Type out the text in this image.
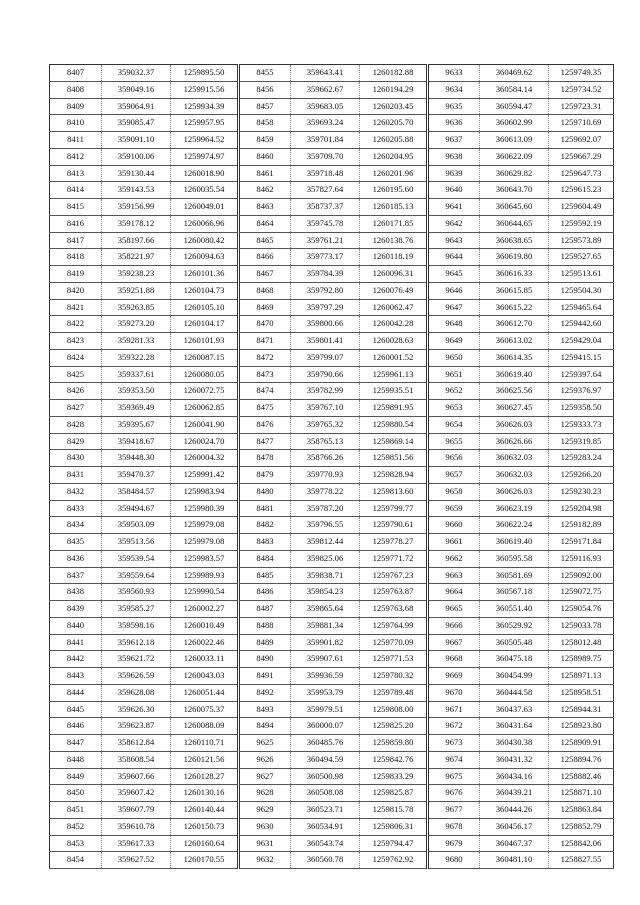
8407	359032.37	1259895.50	8455	359643.41	1260182.88	9633	360469.62	1259749.35
8408	359049.16	1259915.56	8456	359662.67	1260194.29	9634	360584.14	1259734.52
8409	359064.91	1259934.39	8457	359683.05	1260203.45	9635	360594.47	1259723.31
8410	359085.47	1259957.95	8458	359693.24	1260205.70	9636	360602.99	1259710.69
8411	359091.10	1259964.52	8459	359701.84	1260205.88	9637	360613.09	1259692.07
8412	359100.06	1259974.97	8460	359709.70	1260204.95	9638	360622.09	1259667.29
8413	359130.44	1260018.90	8461	359718.48	1260201.96	9639	360629.82	1259647.73
8414	359143.53	1260035.54	8462	357827.64	1260195.60	9640	360643.70	1259615.23
8415	359156.99	1260049.01	8463	358737.37	1260185.13	9641	360645.60	1259604.49
8416	359178.12	1260066.96	8464	359745.78	1260171.85	9642	360644.65	1259592.19
8417	358197.66	1260080.42	8465	359761.21	1260138.76	9643	360638.65	1259573.89
8418	358221.97	1260094.63	8466	359773.17	1260118.19	9644	360619.80	1259527.65
8419	359238.23	1260101.36	8467	359784.39	1260096.31	9645	360616.33	1259513.61
8420	359251.88	1260104.73	8468	359792.80	1260076.49	9646	360615.85	1259504.30
8421	359263.85	1260105.10	8469	359797.29	1260062.47	9647	360615.22	1259465.64
8422	359273.20	1260104.17	8470	359800.66	1260042.28	9648	360612.70	1259442.60
8423	359281.33	1260101.93	8471	359801.41	1260028.63	9649	360613.02	1259429.04
8424	359322.28	1260087.15	8472	359799.07	1260001.52	9650	360614.35	1259415.15
8425	359337.61	1260080.05	8473	359790.66	1259961.13	9651	360619.40	1259397.64
8426	359353.50	1260072.75	8474	359782.99	1259935.51	9652	360625.56	1259376.97
8427	359369.49	1260062.85	8475	359767.10	1259891.95	9653	360627.45	1259358.50
8428	359395.67	1260041.90	8476	359765.32	1259880.54	9654	360626.03	1259333.73
8429	359418.67	1260024.70	8477	358765.13	1259869.14	9655	360626.66	1259319.85
8430	359448.30	1260004.32	8478	358766.26	1259851.56	9656	360632.03	1259283.24
8431	359470.37	1259991.42	8479	359770.93	1259828.94	9657	360632.03	1259266.20
8432	358484.57	1259983.94	8480	359778.22	1259813.60	9658	360626.03	1259230.23
8433	359494.67	1259980.39	8481	359787.20	1259799.77	9659	360623.19	1259204.98
8434	359503.09	1259979.08	8482	359796.55	1259790.61	9660	360622.24	1259182.89
8435	359513.56	1259979.08	8483	359812.44	1259778.27	9661	360619.40	1259171.84
8436	359539.54	1259983.57	8484	359825.06	1259771.72	9662	360595.58	1259116.93
8437	359559.64	1259989.93	8485	359838.71	1259767.23	9663	360581.69	1259092.00
8438	359560.93	1259990.54	8486	359854.23	1259763.87	9664	360567.18	1259072.75
8439	359585.27	1260002.27	8487	359865.64	1259763.68	9665	360551.40	1259054.76
8440	359598.16	1260010.49	8488	359881.34	1259764.99	9666	360529.92	1259033.78
8441	359612.18	1260022.46	8489	359901.82	1259770.09	9667	360505.48	1258012.48
8442	359621.72	1260033.11	8490	359907.61	1259771.53	9668	360475.18	1258989.75
8443	359626.59	1260043.03	8491	359936.59	1259780.32	9669	360454.99	1258971.13
8444	359628.08	1260051.44	8492	359953.79	1259789.48	9670	360444.58	1258958.51
8445	359626.30	1260075.37	8493	359979.51	1259808.00	9671	360437.63	1258944.31
8446	359623.87	1260088.09	8494	360000.07	1259825.20	9672	360431.64	1258923.80
8447	358612.84	1260110.71	9625	360485.76	1259859.80	9673	360430.38	1258909.91
8448	358608.54	1260121.56	9626	360494.59	1259842.76	9674	360431.32	1258894.76
8449	359607.66	1260128.27	9627	360500.98	1259833.29	9675	360434.16	1258882.46
8450	359607.42	1260130.16	9628	360508.08	1259825.87	9676	360439.21	1258871.10
8451	359607.79	1260140.44	9629	360523.71	1259815.78	9677	360444.26	1258863.84
8452	359610.78	1260150.73	9630	360534.91	1259806.31	9678	360456.17	1258852.79
8453	359617.33	1260160.64	9631	360543.74	1259794.47	9679	360467.37	1258842.06
8454	359627.52	1260170.55	9632	360560.78	1259762.92	9680	360481.10	1258827.55
